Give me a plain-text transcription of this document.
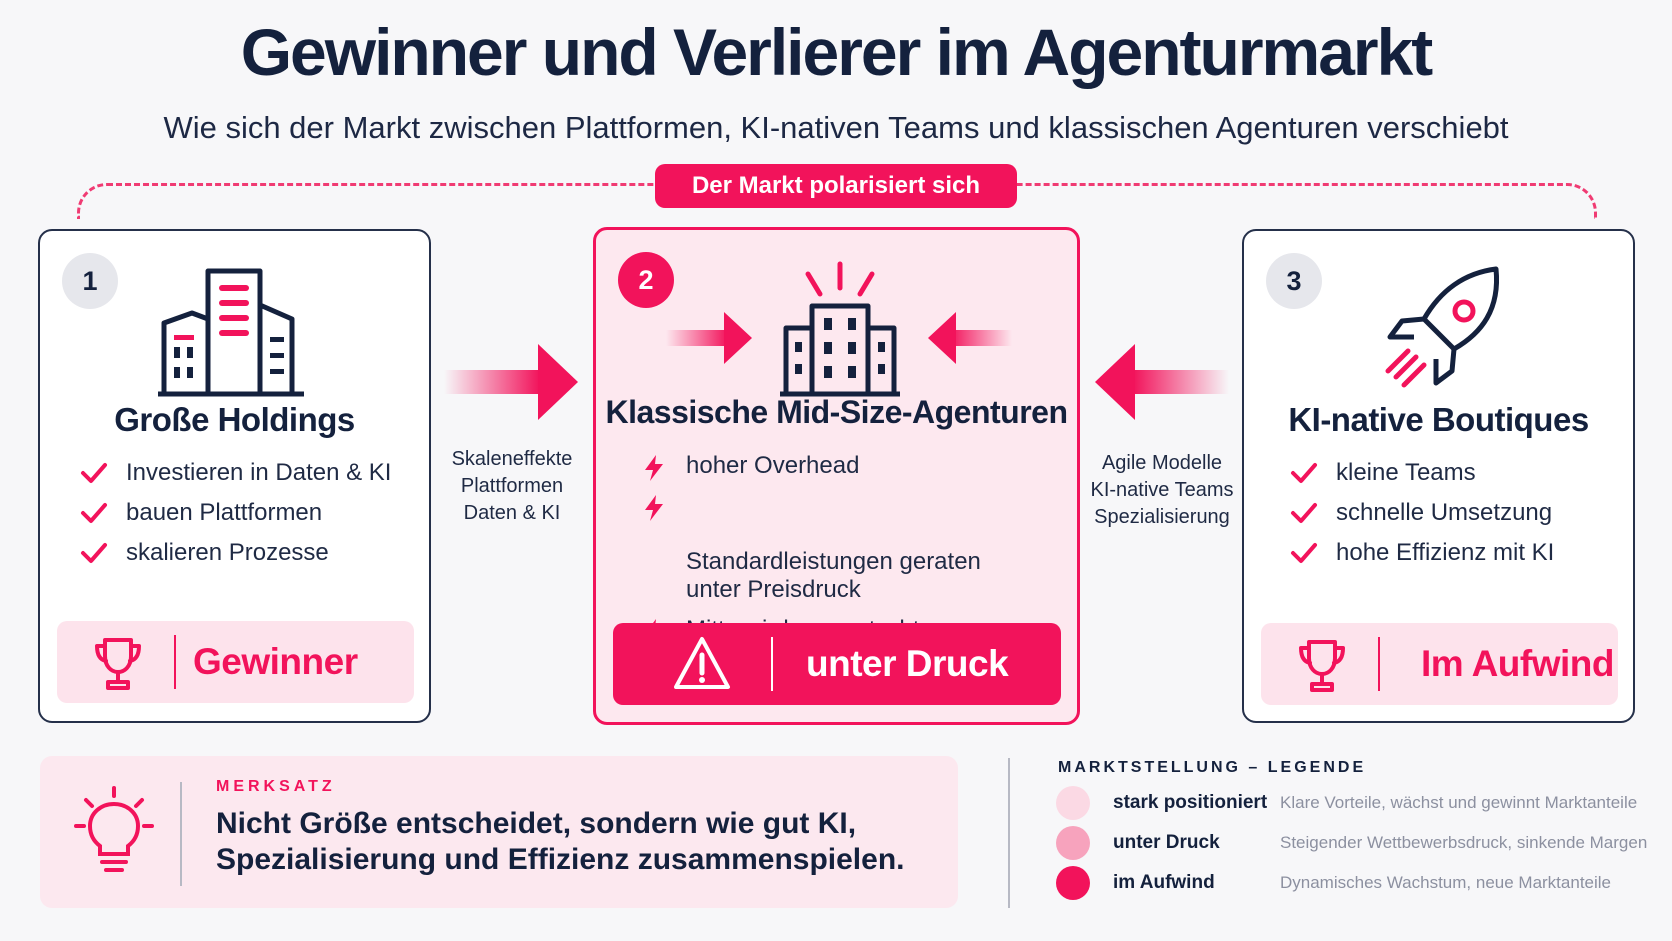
Gewinner und Verlierer im Agenturmarkt
Wie sich der Markt zwischen Plattformen, KI-nativen Teams und klassischen Agenturen verschiebt
Der Markt polarisiert sich
1
Große Holdings
Investieren in Daten & KI
bauen Plattformen
skalieren Prozesse
Gewinner
Skaleneffekte
Plattformen
Daten & KI
2
Klassische Mid-Size-Agenturen
hoher Overhead

Standardleistungen geraten
unter Preisdruck

unter Druck
Agile Modelle
KI-native Teams
Spezialisierung
3
KI-native Boutiques
kleine Teams
schnelle Umsetzung
hohe Effizienz mit KI
Im Aufwind
MERKSATZ
Nicht Größe entscheidet, sondern wie gut KI, Spezialisierung und Effizienz zusammenspielen.
MARKTSTELLUNG – LEGENDE
stark positioniert Klare Vorteile, wächst und gewinnt Marktanteile
unter Druck	Steigender Wettbewerbsdruck, sinkende Margen
im Aufwind	Dynamisches Wachstum, neue Marktanteile
